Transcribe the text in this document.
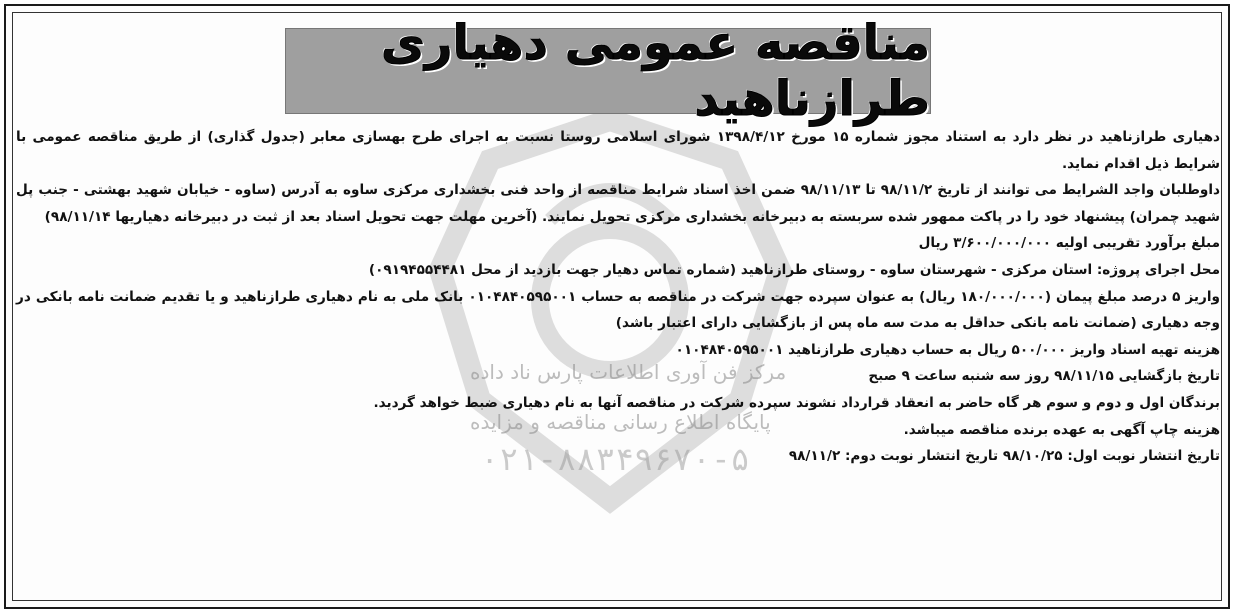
مرکز فن آوری اطلاعات پارس ناد داده
پایگاه اطلاع رسانی مناقصه و مزایده
۰۲۱-۸۸۳۴۹۶۷۰-۵
مناقصه عمومی دهیاری طرازناهید

دهیاری طرازناهید در نظر دارد به استناد مجوز شماره ۱۵ مورخ ۱۳۹۸/۴/۱۲ شورای اسلامی روستا نسبت به اجرای طرح بهسازی معابر (جدول گذاری) از طریق مناقصه عمومی با شرایط ذیل اقدام نماید.

داوطلبان واجد الشرایط می توانند از تاریخ ۹۸/۱۱/۲ تا ۹۸/۱۱/۱۳ ضمن اخذ اسناد شرایط مناقصه از واحد فنی بخشداری مرکزی ساوه به آدرس (ساوه - خیابان شهید بهشتی - جنب پل شهید چمران) پیشنهاد خود را در پاکت ممهور شده سربسته به دبیرخانه بخشداری مرکزی تحویل نمایند. (آخرین مهلت جهت تحویل اسناد بعد از ثبت در دبیرخانه دهیاریها ۹۸/۱۱/۱۴)

مبلغ برآورد تقریبی اولیه ۳/۶۰۰/۰۰۰/۰۰۰ ریال

محل اجرای پروژه: استان مرکزی - شهرستان ساوه - روستای طرازناهید (شماره تماس دهیار جهت بازدید از محل ۰۹۱۹۴۵۵۴۴۸۱)

واریز ۵ درصد مبلغ پیمان (۱۸۰/۰۰۰/۰۰۰ ریال) به عنوان سپرده جهت شرکت در مناقصه به حساب ۰۱۰۴۸۴۰۵۹۵۰۰۱ بانک ملی به نام دهیاری طرازناهید و یا تقدیم ضمانت نامه بانکی در وجه دهیاری (ضمانت نامه بانکی حداقل به مدت سه ماه پس از بازگشایی دارای اعتبار باشد)

هزینه تهیه اسناد واریز ۵۰۰/۰۰۰ ریال به حساب دهیاری طرازناهید ۰۱۰۴۸۴۰۵۹۵۰۰۱

تاریخ بازگشایی ۹۸/۱۱/۱۵ روز سه شنبه ساعت ۹ صبح

برندگان اول و دوم و سوم هر گاه حاضر به انعقاد قرارداد نشوند سپرده شرکت در مناقصه آنها به نام دهیاری ضبط خواهد گردید.

هزینه چاپ آگهی به عهده برنده مناقصه میباشد.

تاریخ انتشار نوبت اول: ۹۸/۱۰/۲۵ تاریخ انتشار نوبت دوم: ۹۸/۱۱/۲
